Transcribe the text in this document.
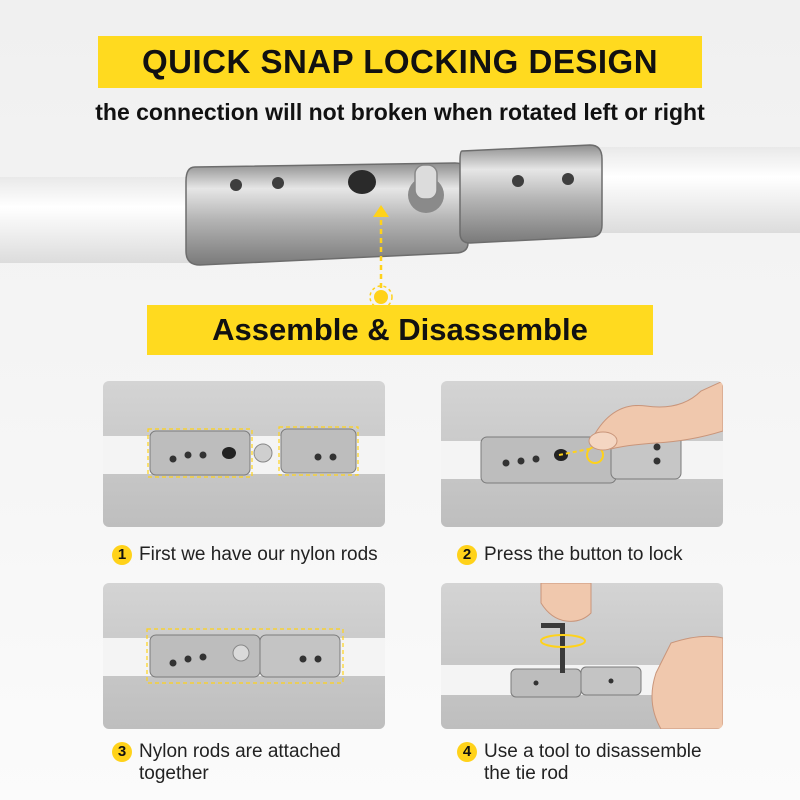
QUICK SNAP LOCKING DESIGN
the connection will not broken when rotated left or right
Assemble & Disassemble
1 First we have our nylon rods	2 Press the button to lock
3 Nylon rods are attached
together
4 Use a tool to disassemble
the tie rod
